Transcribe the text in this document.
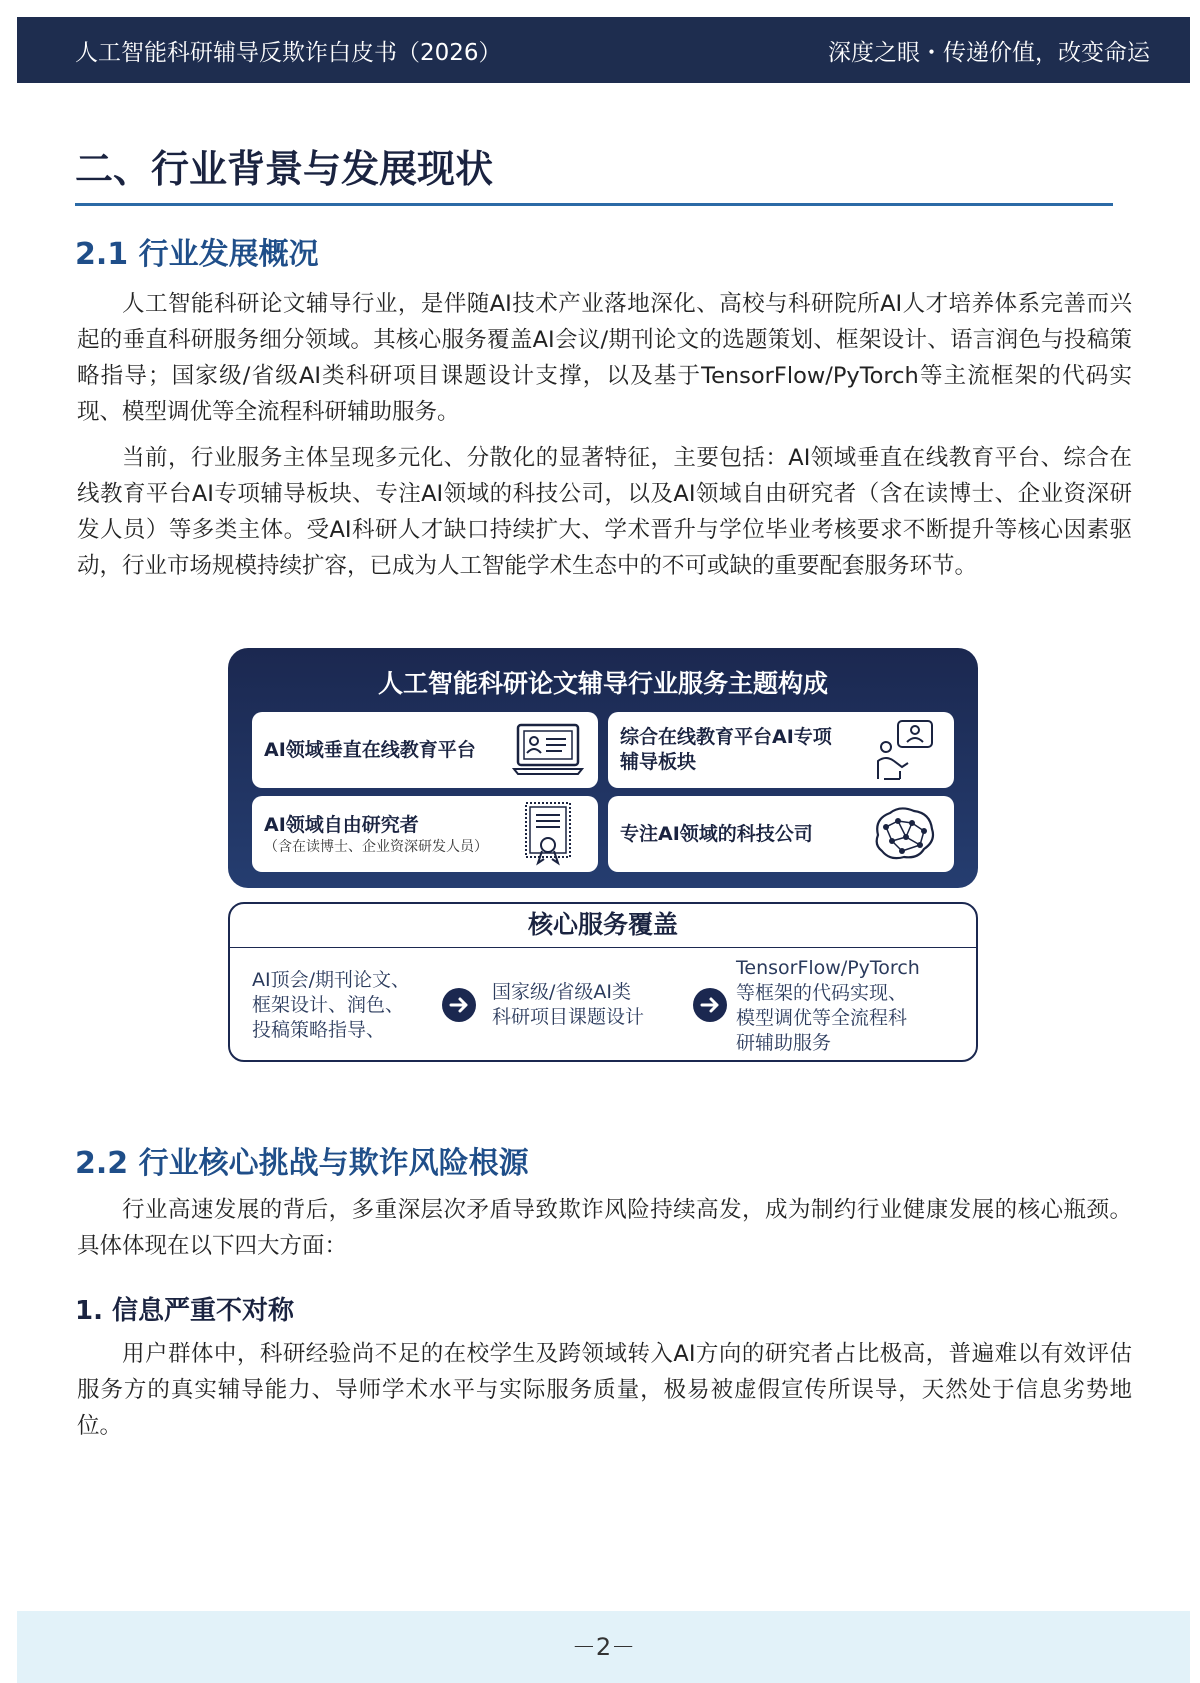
人工智能科研辅导反欺诈白皮书（2026）	深度之眼・传递价值，改变命运
二、行业背景与发展现状
2.1 行业发展概况

人工智能科研论文辅导行业，是伴随AI技术产业落地深化、高校与科研院所AI人才培养体系完善而兴起的垂直科研服务细分领域。其核心服务覆盖AI会议/期刊论文的选题策划、框架设计、语言润色与投稿策略指导；国家级/省级AI类科研项目课题设计支撑，以及基于TensorFlow/PyTorch等主流框架的代码实现、模型调优等全流程科研辅助服务。

当前，行业服务主体呈现多元化、分散化的显著特征，主要包括：AI领域垂直在线教育平台、综合在线教育平台AI专项辅导板块、专注AI领域的科技公司，以及AI领域自由研究者（含在读博士、企业资深研发人员）等多类主体。受AI科研人才缺口持续扩大、学术晋升与学位毕业考核要求不断提升等核心因素驱动，行业市场规模持续扩容，已成为人工智能学术生态中的不可或缺的重要配套服务环节。

人工智能科研论文辅导行业服务主题构成
AI领域垂直在线教育平台
综合在线教育平台AI专项辅导板块
AI领域自由研究者
（含在读博士、企业资深研发人员）
专注AI领域的科技公司
核心服务覆盖
AI顶会/期刊论文、
框架设计、润色、
投稿策略指导、
国家级/省级AI类
科研项目课题设计
TensorFlow/PyTorch
等框架的代码实现、
模型调优等全流程科
研辅助服务
2.2 行业核心挑战与欺诈风险根源

行业高速发展的背后，多重深层次矛盾导致欺诈风险持续高发，成为制约行业健康发展的核心瓶颈。具体体现在以下四大方面：

1. 信息严重不对称

用户群体中，科研经验尚不足的在校学生及跨领域转入AI方向的研究者占比极高，普遍难以有效评估服务方的真实辅导能力、导师学术水平与实际服务质量，极易被虚假宣传所误导，天然处于信息劣势地位。

－2－
